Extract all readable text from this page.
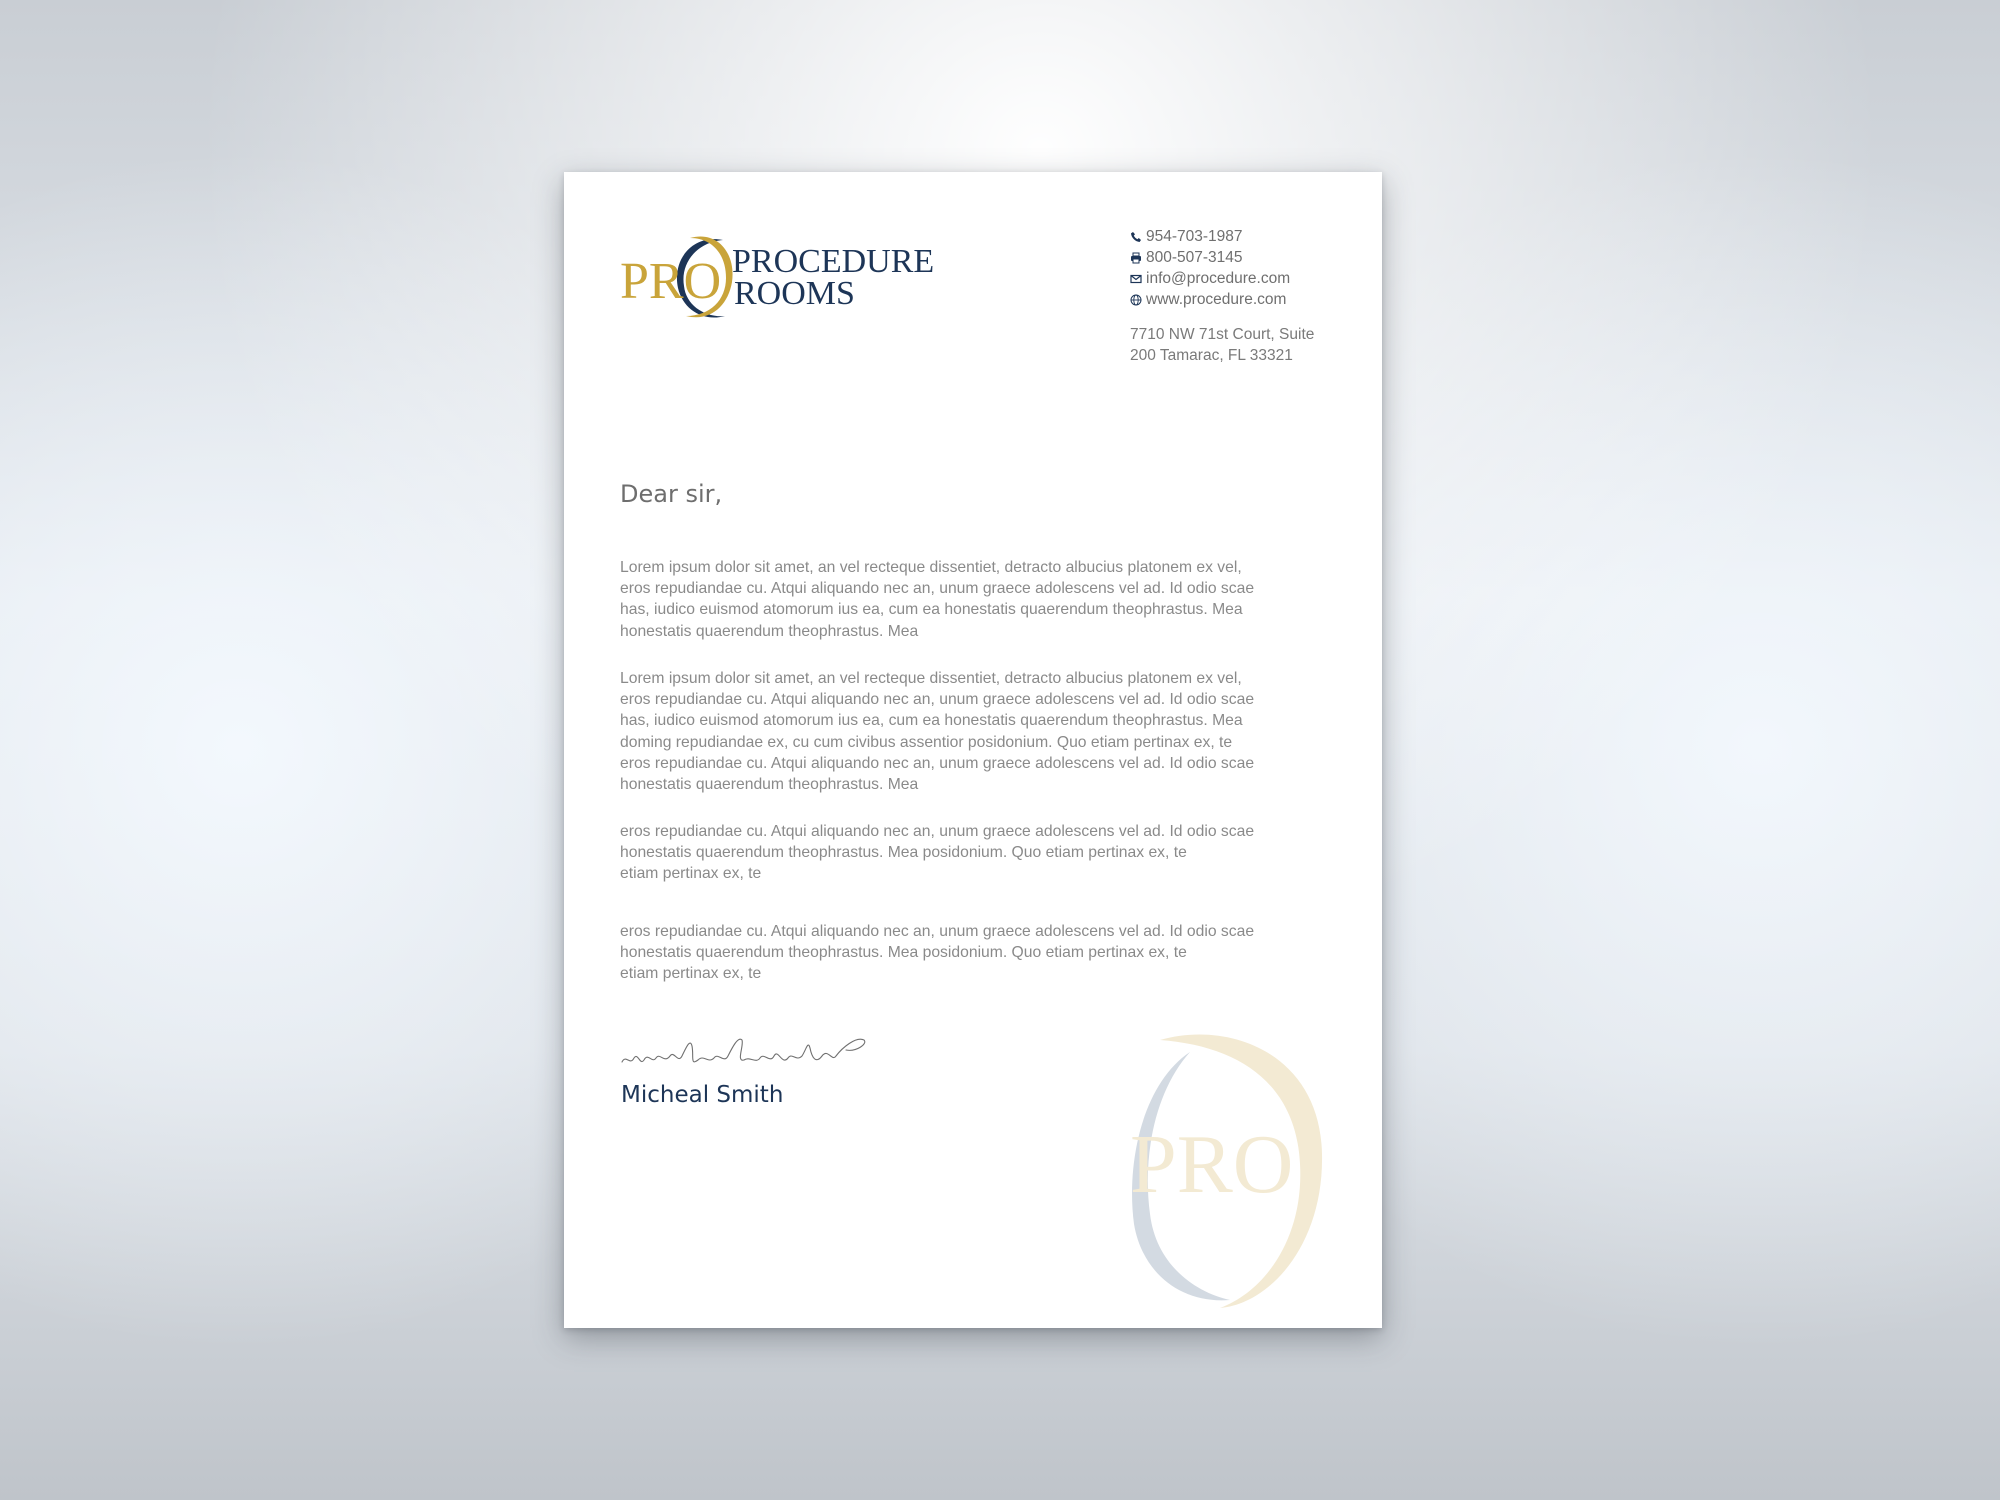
PRO PROCEDURE
ROOMS
954-703-1987
800-507-3145
info@procedure.com
www.procedure.com
7710 NW 71st Court, Suite
200 Tamarac, FL 33321
Dear sir,
Lorem ipsum dolor sit amet, an vel recteque dissentiet, detracto albucius platonem ex vel,
eros repudiandae cu. Atqui aliquando nec an, unum graece adolescens vel ad. Id odio scae
has, iudico euismod atomorum ius ea, cum ea honestatis quaerendum theophrastus. Mea
honestatis quaerendum theophrastus. Mea
Lorem ipsum dolor sit amet, an vel recteque dissentiet, detracto albucius platonem ex vel,
eros repudiandae cu. Atqui aliquando nec an, unum graece adolescens vel ad. Id odio scae
has, iudico euismod atomorum ius ea, cum ea honestatis quaerendum theophrastus. Mea
doming repudiandae ex, cu cum civibus assentior posidonium. Quo etiam pertinax ex, te
eros repudiandae cu. Atqui aliquando nec an, unum graece adolescens vel ad. Id odio scae
honestatis quaerendum theophrastus. Mea
eros repudiandae cu. Atqui aliquando nec an, unum graece adolescens vel ad. Id odio scae
honestatis quaerendum theophrastus. Mea posidonium. Quo etiam pertinax ex, te
etiam pertinax ex, te
eros repudiandae cu. Atqui aliquando nec an, unum graece adolescens vel ad. Id odio scae
honestatis quaerendum theophrastus. Mea posidonium. Quo etiam pertinax ex, te
etiam pertinax ex, te
Micheal Smith
PRO
